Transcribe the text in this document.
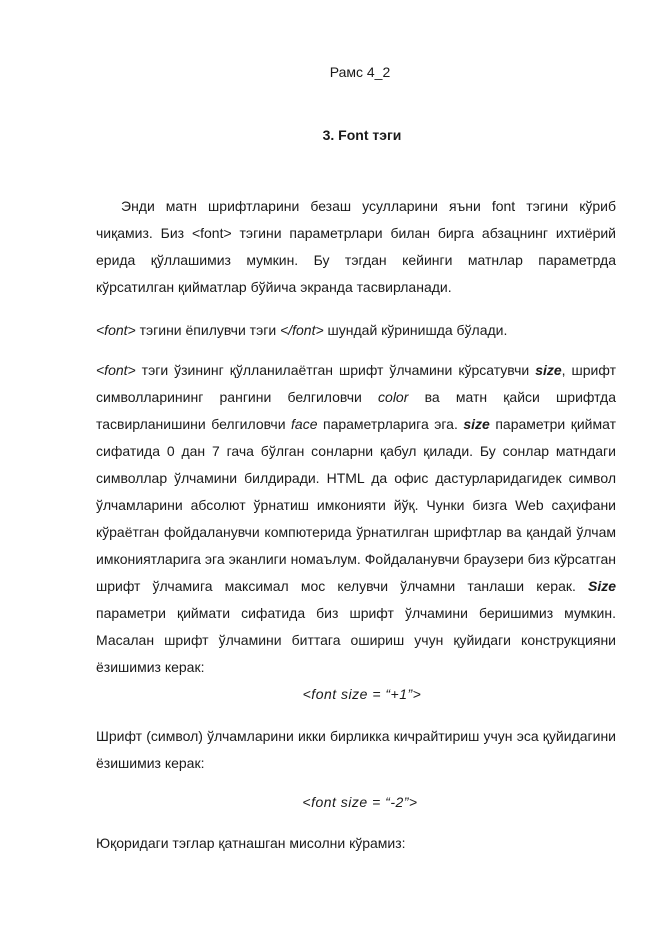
Рамс 4_2
3. Font тэги

Энди матн шрифтларини безаш усулларини яъни font тэгини кўриб чиқамиз. Биз <font> тэгини параметрлари билан бирга абзацнинг ихтиёрий ерида қўллашимиз мумкин. Бу тэгдан кейинги матнлар параметрда кўрсатилган қийматлар бўйича экранда тасвирланади.

<font> тэгини ёпилувчи тэги </font> шундай кўринишда бўлади.

<font> тэги ўзининг қўлланилаётган шрифт ўлчамини кўрсатувчи size, шрифт символларининг рангини белгиловчи color ва матн қайси шрифтда тасвирланишини белгиловчи face параметрларига эга. size параметри қиймат сифатида 0 дан 7 гача бўлган сонларни қабул қилади. Бу сонлар матндаги символлар ўлчамини билдиради. HTML да офис дастурларидагидек символ ўлчамларини абсолют ўрнатиш имконияти йўқ. Чунки бизга Web саҳифани кўраётган фойдаланувчи компютерида ўрнатилган шрифтлар ва қандай ўлчам имкониятларига эга эканлиги номаълум. Фойдаланувчи браузери биз кўрсатган шрифт ўлчамига максимал мос келувчи ўлчамни танлаши керак. Size параметри қиймати сифатида биз шрифт ўлчамини беришимиз мумкин. Масалан шрифт ўлчамини биттага ошириш учун қуйидаги конструкцияни ёзишимиз керак:

<font size = “+1”>

Шрифт (символ) ўлчамларини икки бирликка кичрайтириш учун эса қуйидагини ёзишимиз керак:

<font size = “-2”>

Юқоридаги тэглар қатнашган мисолни кўрамиз:
